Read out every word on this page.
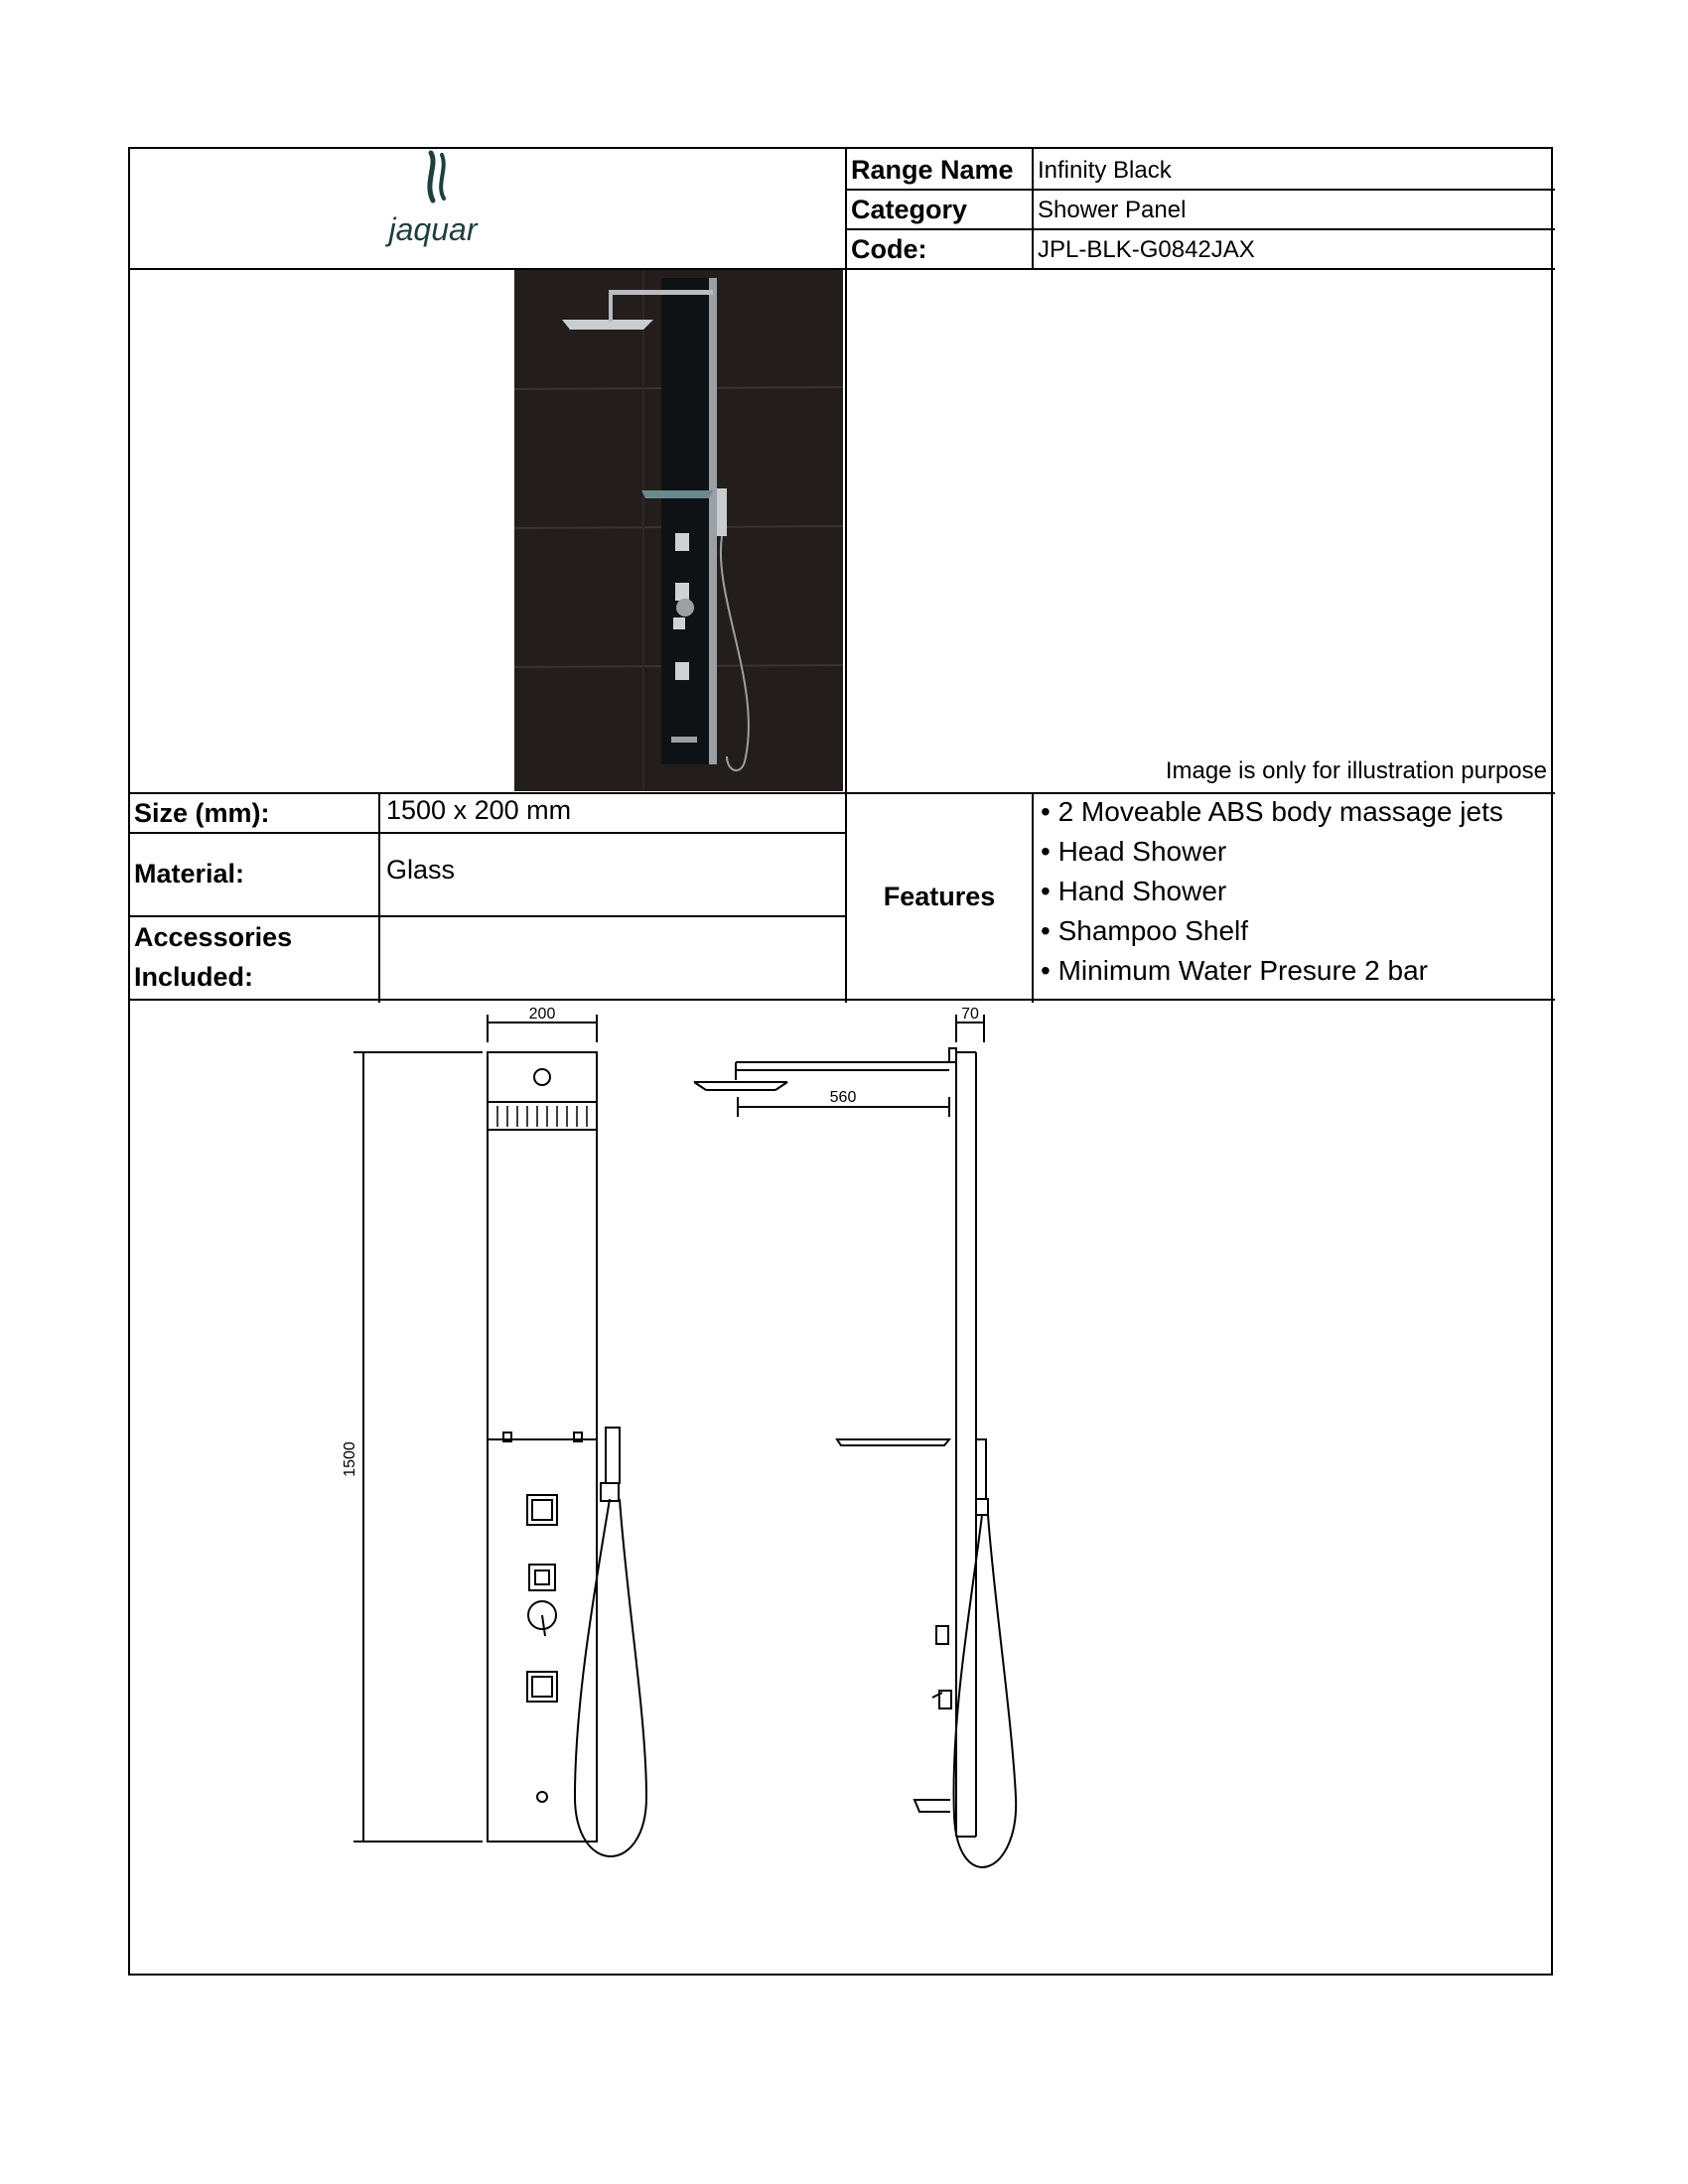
jaquar
Range Name Infinity Black
Category	Shower Panel
Code:	JPL-BLK-G0842JAX
Image is only for illustration purpose
Size (mm):	1500 x 200 mm
Material:	Glass
Accessories
Included:
Features
• 2 Moveable ABS body massage jets
• Head Shower
• Hand Shower
• Shampoo Shelf
• Minimum Water Presure 2 bar
200
1500
70
560
